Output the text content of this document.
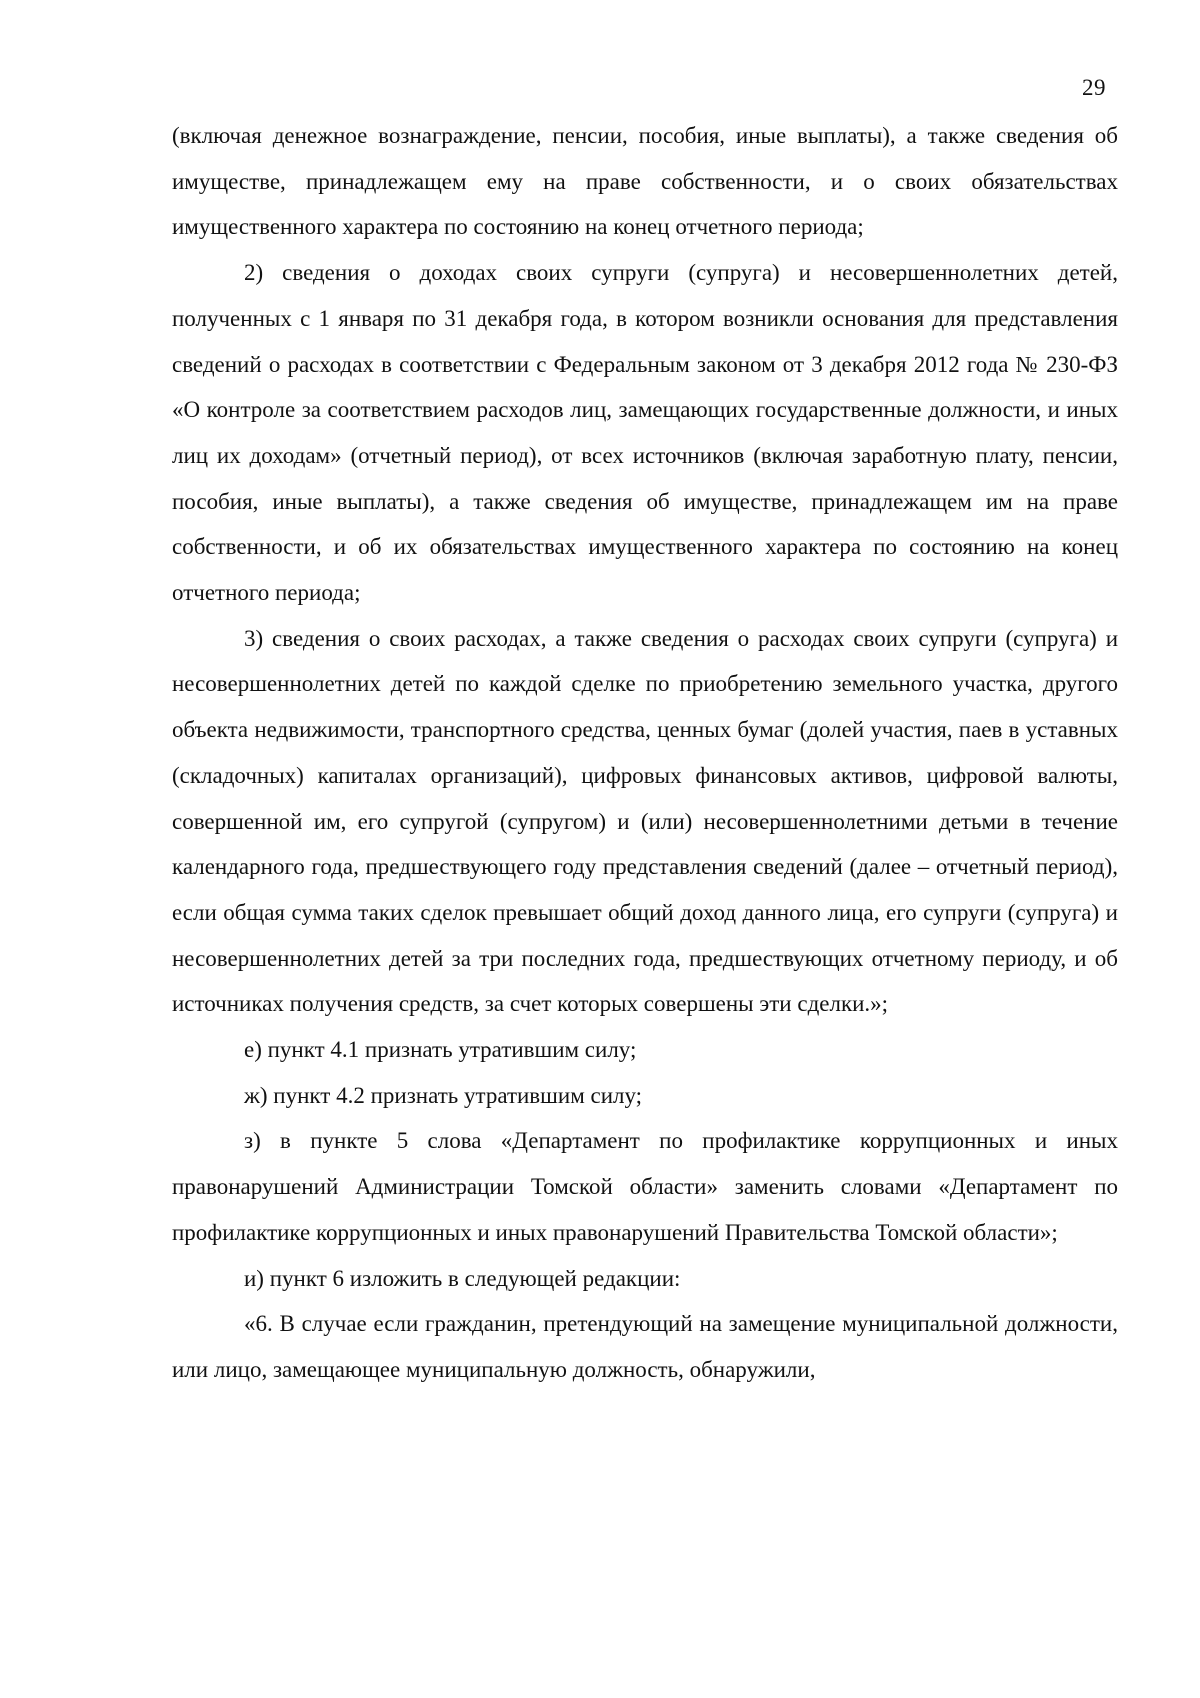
29

(включая денежное вознаграждение, пенсии, пособия, иные выплаты), а также сведения об имуществе, принадлежащем ему на праве собственности, и о своих обязательствах имущественного характера по состоянию на конец отчетного периода;

2) сведения о доходах своих супруги (супруга) и несовершеннолетних детей, полученных с 1 января по 31 декабря года, в котором возникли основания для представления сведений о расходах в соответствии с Федеральным законом от 3 декабря 2012 года № 230-ФЗ «О контроле за соответствием расходов лиц, замещающих государственные должности, и иных лиц их доходам» (отчетный период), от всех источников (включая заработную плату, пенсии, пособия, иные выплаты), а также сведения об имуществе, принадлежащем им на праве собственности, и об их обязательствах имущественного характера по состоянию на конец отчетного периода;

3) сведения о своих расходах, а также сведения о расходах своих супруги (супруга) и несовершеннолетних детей по каждой сделке по приобретению земельного участка, другого объекта недвижимости, транспортного средства, ценных бумаг (долей участия, паев в уставных (складочных) капиталах организаций), цифровых финансовых активов, цифровой валюты, совершенной им, его супругой (супругом) и (или) несовершеннолетними детьми в течение календарного года, предшествующего году представления сведений (далее – отчетный период), если общая сумма таких сделок превышает общий доход данного лица, его супруги (супруга) и несовершеннолетних детей за три последних года, предшествующих отчетному периоду, и об источниках получения средств, за счет которых совершены эти сделки.»;

е) пункт 4.1 признать утратившим силу;

ж) пункт 4.2 признать утратившим силу;

з) в пункте 5 слова «Департамент по профилактике коррупционных и иных правонарушений Администрации Томской области» заменить словами «Департамент по профилактике коррупционных и иных правонарушений Правительства Томской области»;

и) пункт 6 изложить в следующей редакции:

«6. В случае если гражданин, претендующий на замещение муниципальной должности, или лицо, замещающее муниципальную должность, обнаружили,
